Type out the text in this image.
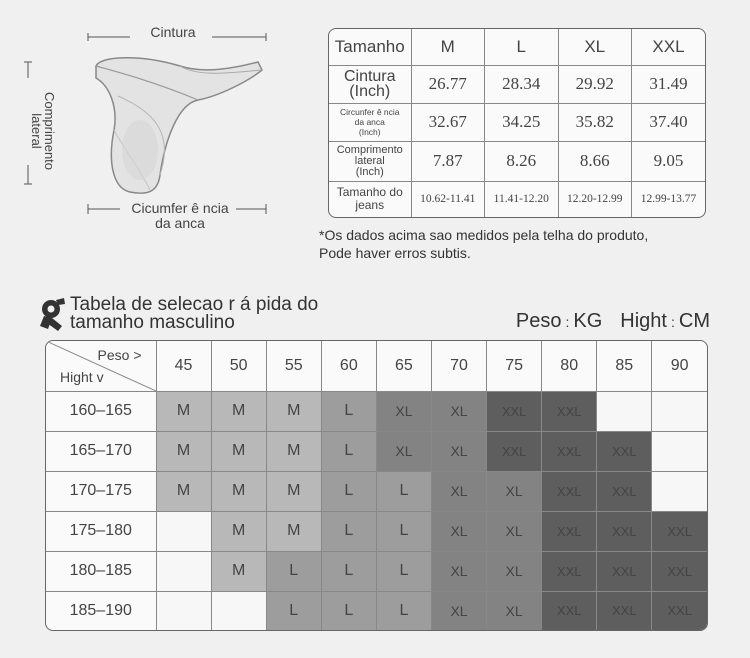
Cintura
Comprimento lateral
Cicumfer ê ncia
da anca
Tamanho	M	L	XL	XXL

Cintura
(Inch)	26.77	28.34	29.92	31.49

Circunfer ê ncia
da anca
(Inch)	32.67	34.25	35.82	37.40

Comprimento
lateral
(Inch)	7.87	8.26	8.66	9.05

Tamanho do
jeans	10.62-11.41	11.41-12.20	12.20-12.99	12.99-13.77
*Os dados acima sao medidos pela telha do produto,
Pode haver erros subtis.
Tabela de selecao r á pida do
tamanho masculino	Peso : KG Hight : CM
Peso >
Hight v	45	50	55	60	65	70	75	80	85	90
160–165	M	M	M	L	XL	XL	XXL	XXL		
165–170	M	M	M	L	XL	XL	XXL	XXL	XXL	
170–175	M	M	M	L	L	XL	XL	XXL	XXL	
175–180		M	M	L	L	XL	XL	XXL	XXL	XXL
180–185		M	L	L	L	XL	XL	XXL	XXL	XXL
185–190			L	L	L	XL	XL	XXL	XXL	XXL
